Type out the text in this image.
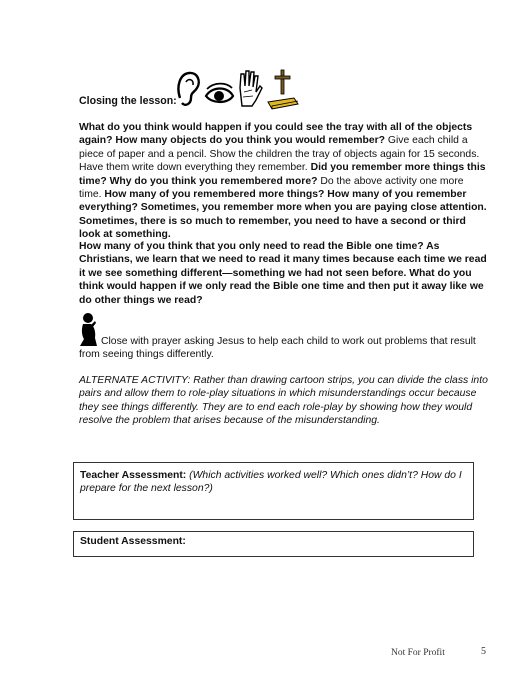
Closing the lesson:
What do you think would happen if you could see the tray with all of the objects again? How many objects do you think you would remember? Give each child a piece of paper and a pencil. Show the children the tray of objects again for 15 seconds. Have them write down everything they remember. Did you remember more things this time? Why do you think you remembered more? Do the above activity one more time. How many of you remembered more things? How many of you remember everything? Sometimes, you remember more when you are paying close attention. Sometimes, there is so much to remember, you need to have a second or third look at something.
How many of you think that you only need to read the Bible one time? As Christians, we learn that we need to read it many times because each time we read it we see something different—something we had not seen before. What do you think would happen if we only read the Bible one time and then put it away like we do other things we read?
Close with prayer asking Jesus to help each child to work out problems that result from seeing things differently.
ALTERNATE ACTIVITY: Rather than drawing cartoon strips, you can divide the class into pairs and allow them to role-play situations in which misunderstandings occur because they see things differently. They are to end each role-play by showing how they would resolve the problem that arises because of the misunderstanding.
Teacher Assessment: (Which activities worked well? Which ones didn’t? How do I prepare for the next lesson?)
Student Assessment:
Not For Profit	5
